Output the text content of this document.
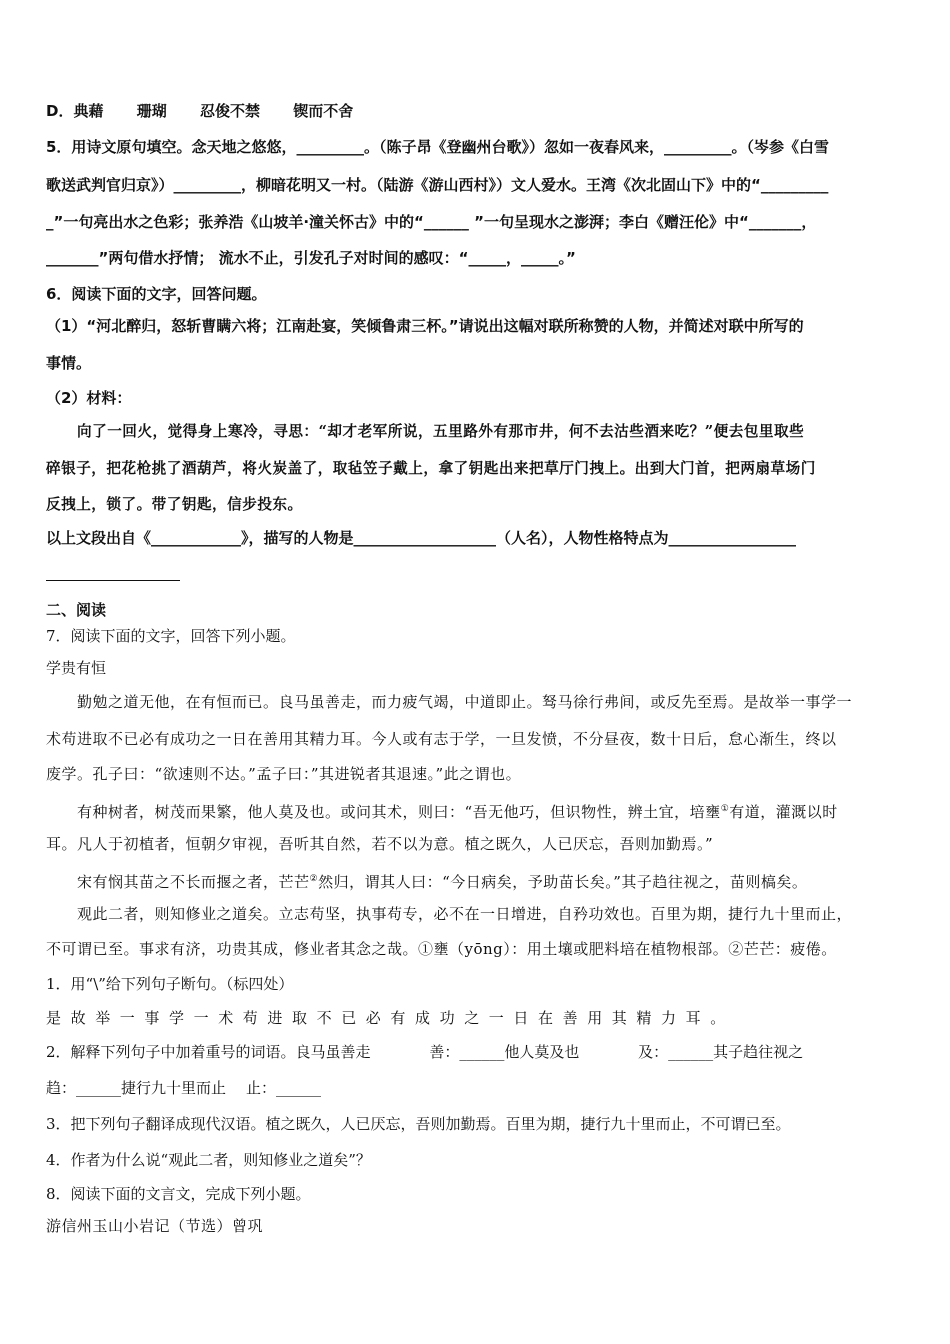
D．典藉 珊瑚 忍俊不禁 锲而不舍
5．用诗文原句填空。念天地之悠悠，_________。（陈子昂《登幽州台歌》）忽如一夜春风来，_________。（岑参《白雪
歌送武判官归京》）_________，柳暗花明又一村。（陆游《游山西村》）文人爱水。王湾《次北固山下》中的“_________
_”一句亮出水之色彩；张养浩《山坡羊·潼关怀古》中的“______ ”一句呈现水之澎湃；李白《赠汪伦》中“_______，
_______”两句借水抒情； 流水不止，引发孔子对时间的感叹：“_____，_____。”
6．阅读下面的文字，回答问题。
（1）“河北醉归，怒斩曹瞒六将；江南赴宴，笑倾鲁肃三杯。”请说出这幅对联所称赞的人物，并简述对联中所写的
事情。
（2）材料：
向了一回火，觉得身上寒冷，寻思：“却才老军所说，五里路外有那市井，何不去沽些酒来吃？”便去包里取些
碎银子，把花枪挑了酒葫芦，将火炭盖了，取毡笠子戴上，拿了钥匙出来把草厅门拽上。出到大门首，把两扇草场门
反拽上，锁了。带了钥匙，信步投东。
以上文段出自《____________》，描写的人物是___________________（人名），人物性格特点为_________________
二、阅读
7．阅读下面的文字，回答下列小题。
学贵有恒
勤勉之道无他，在有恒而已。良马虽善走，而力疲气竭，中道即止。驽马徐行弗间，或反先至焉。是故举一事学一
术苟进取不已必有成功之一日在善用其精力耳。今人或有志于学，一旦发愤，不分昼夜，数十日后，怠心渐生，终以
废学。孔子曰：“欲速则不达。”孟子曰：”其进锐者其退速。”此之谓也。
有种树者，树茂而果繁，他人莫及也。或问其术，则曰：“吾无他巧，但识物性，辨土宜，培壅①有道，灌溉以时
耳。凡人于初植者，恒朝夕审视，吾听其自然，若不以为意。植之既久，人已厌忘，吾则加勤焉。”
宋有悯其苗之不长而揠之者，芒芒②然归，谓其人曰：“今日病矣，予助苗长矣。”其子趋往视之，苗则槁矣。
观此二者，则知修业之道矣。立志苟坚，执事苟专，必不在一日增进，自矜功效也。百里为期，捷行九十里而止，
不可谓已至。事求有济，功贵其成，修业者其念之哉。①壅（yōng）：用土壤或肥料培在植物根部。②芒芒：疲倦。
1．用“\”给下列句子断句。（标四处）
是故举一事学一术苟进取不已必有成功之一日在善用其精力耳。
2．解释下列句子中加着重号的词语。良马虽善走	善：______他人莫及也	及：______其子趋往视之
趋：______捷行九十里而止 止：______
3．把下列句子翻译成现代汉语。植之既久，人已厌忘，吾则加勤焉。百里为期，捷行九十里而止，不可谓已至。
4．作者为什么说“观此二者，则知修业之道矣”？
8．阅读下面的文言文，完成下列小题。
游信州玉山小岩记（节选）曾巩
